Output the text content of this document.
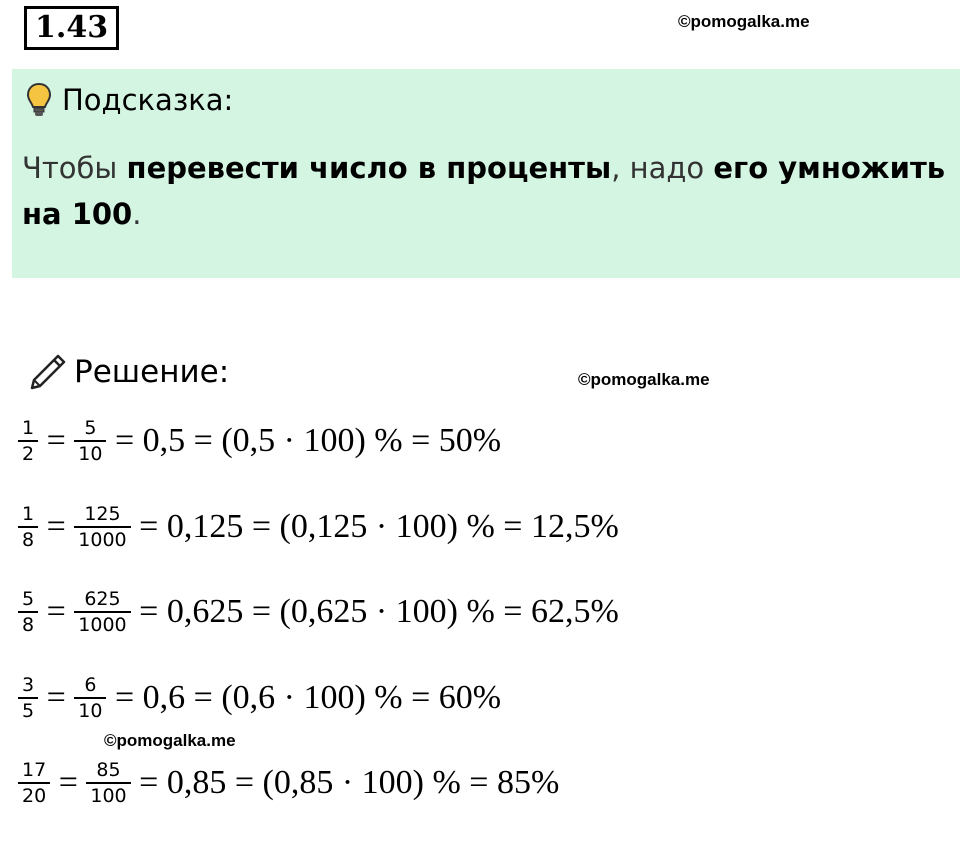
1.43	©pomogalka.me
Подсказка:
Чтобы перевести число в проценты, надо его умножить на 100.
Решение:	©pomogalka.me
$\frac{1}{2} = \frac{5}{10} = 0,5 = (0,5 \cdot 100)$ % = 50%
$\frac{1}{8} = \frac{125}{1000} = 0,125 = (0,125 \cdot 100)$ % = 12,5%
$\frac{5}{8} = \frac{625}{1000} = 0,625 = (0,625 \cdot 100)$ % = 62,5%
$\frac{3}{5} = \frac{6}{10} = 0,6 = (0,6 \cdot 100)$ % = 60%
$\frac{17}{20} = \frac{85}{100} = 0,85 = (0,85 \cdot 100)$ % = 85%
©pomogalka.me
